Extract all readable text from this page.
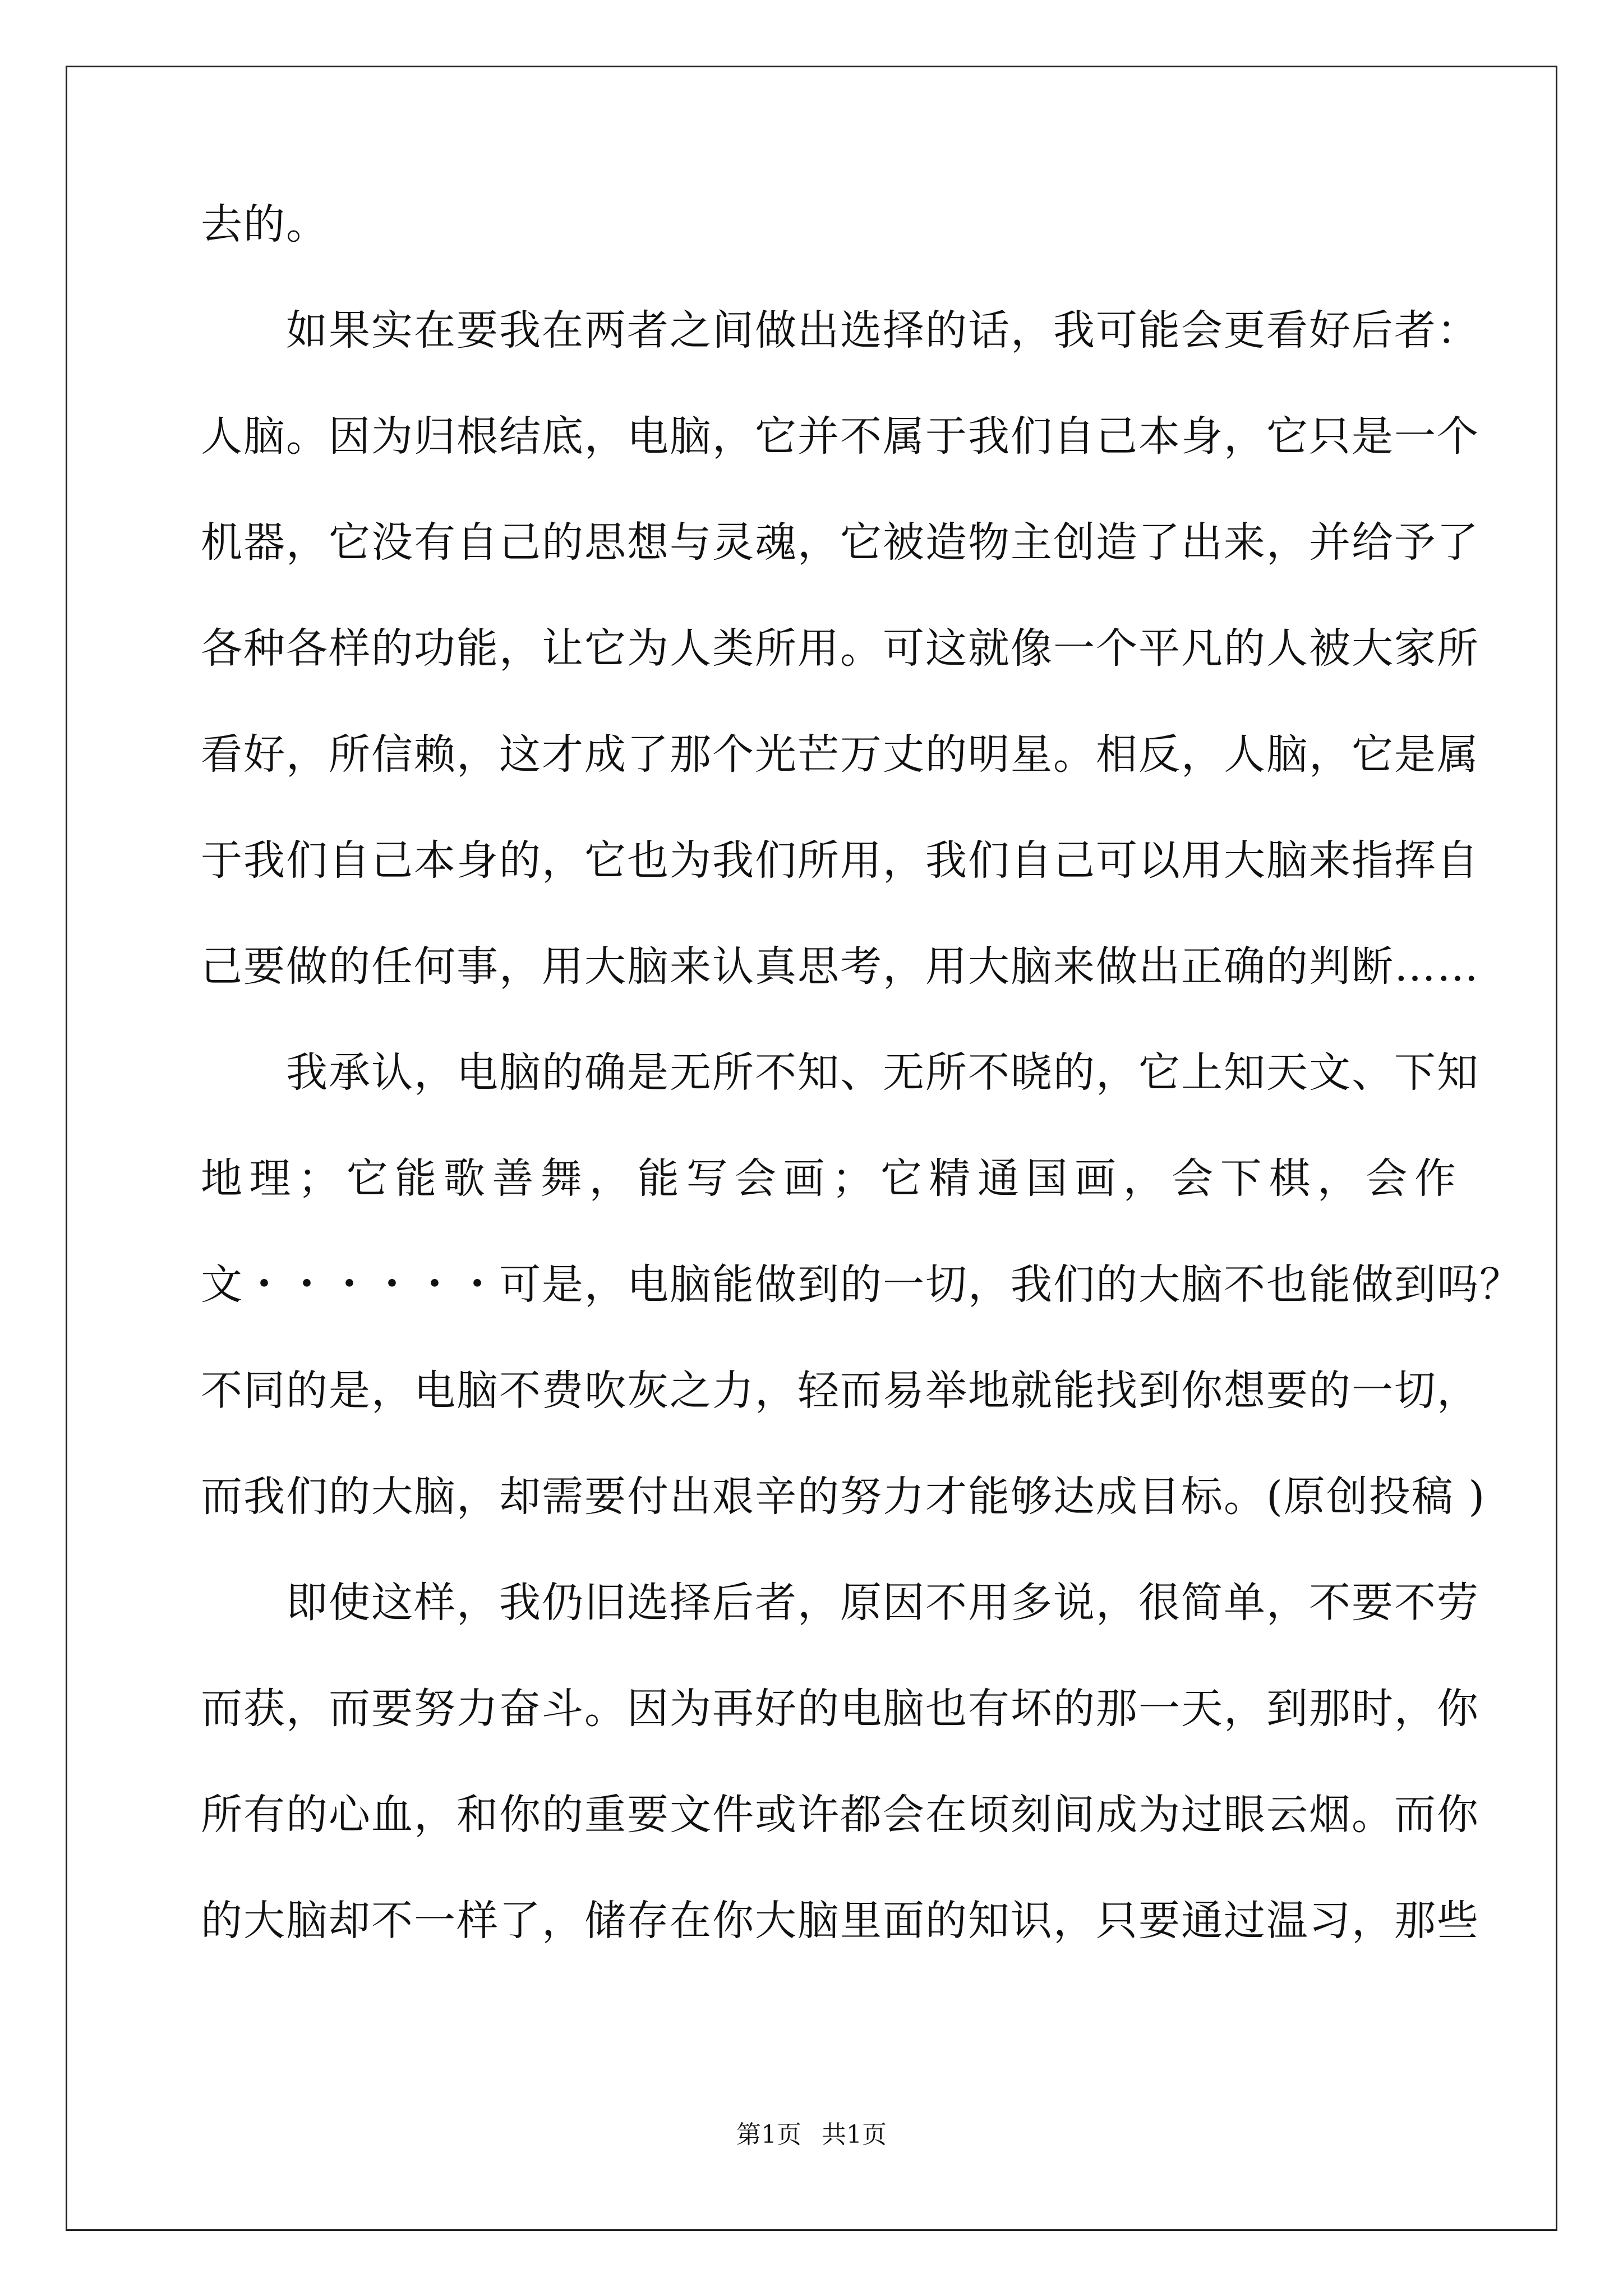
去的。
　　如果实在要我在两者之间做出选择的话，我可能会更看好后者：
人脑。因为归根结底，电脑，它并不属于我们自己本身，它只是一个
机器，它没有自己的思想与灵魂，它被造物主创造了出来，并给予了
各种各样的功能，让它为人类所用。可这就像一个平凡的人被大家所
看好，所信赖，这才成了那个光芒万丈的明星。相反，人脑，它是属
于我们自己本身的，它也为我们所用，我们自己可以用大脑来指挥自
己要做的任何事，用大脑来认真思考，用大脑来做出正确的判断……
　　我承认，电脑的确是无所不知、无所不晓的，它上知天文、下知
地理；它能歌善舞，能写会画；它精通国画，会下棋，会作
文・・・・・・可是，电脑能做到的一切，我们的大脑不也能做到吗？
不同的是，电脑不费吹灰之力，轻而易举地就能找到你想要的一切，
而我们的大脑，却需要付出艰辛的努力才能够达成目标。(原创投稿 )
　　即使这样，我仍旧选择后者，原因不用多说，很简单，不要不劳
而获，而要努力奋斗。因为再好的电脑也有坏的那一天，到那时，你
所有的心血，和你的重要文件或许都会在顷刻间成为过眼云烟。而你
的大脑却不一样了，储存在你大脑里面的知识，只要通过温习，那些
第1页 共1页
